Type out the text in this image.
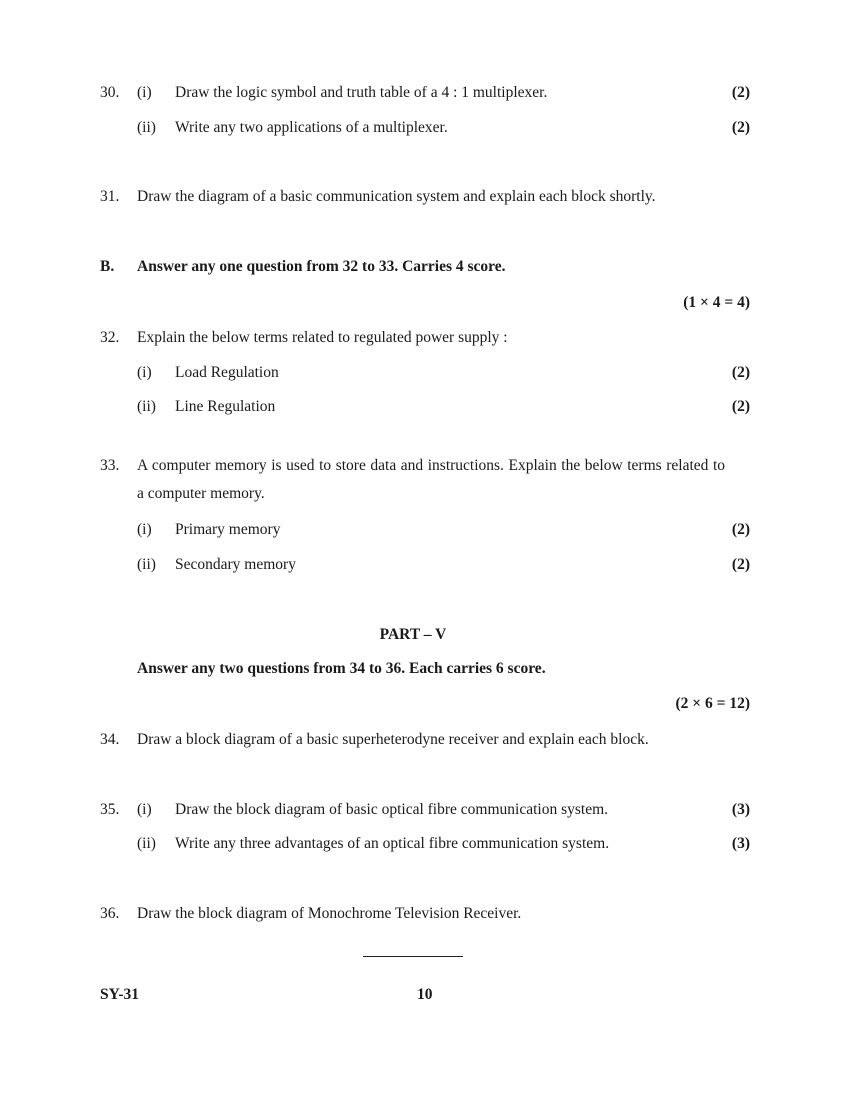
30. (i) Draw the logic symbol and truth table of a 4 : 1 multiplexer.	(2)
(ii) Write any two applications of a multiplexer.	(2)
31. Draw the diagram of a basic communication system and explain each block shortly.
B. Answer any one question from 32 to 33. Carries 4 score.
(1 × 4 = 4)
32. Explain the below terms related to regulated power supply :
(i) Load Regulation	(2)
(ii) Line Regulation	(2)
33. A computer memory is used to store data and instructions. Explain the below terms related to a computer memory.
(i) Primary memory	(2)
(ii) Secondary memory	(2)
PART – V
Answer any two questions from 34 to 36. Each carries 6 score.
(2 × 6 = 12)
34. Draw a block diagram of a basic superheterodyne receiver and explain each block.
35. (i) Draw the block diagram of basic optical fibre communication system.	(3)
(ii) Write any three advantages of an optical fibre communication system.	(3)
36. Draw the block diagram of Monochrome Television Receiver.
SY-31	10
